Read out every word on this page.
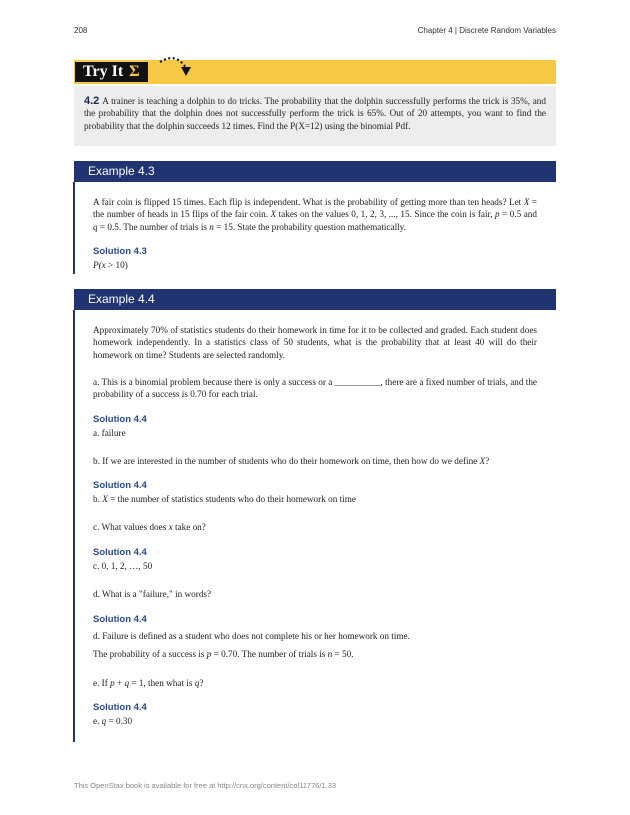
208	Chapter 4 | Discrete Random Variables
Try It Σ
4.2 A trainer is teaching a dolphin to do tricks. The probability that the dolphin successfully performs the trick is 35%, and the probability that the dolphin does not successfully perform the trick is 65%. Out of 20 attempts, you want to find the probability that the dolphin succeeds 12 times. Find the P(X=12) using the binomial Pdf.
Example 4.3
A fair coin is flipped 15 times. Each flip is independent. What is the probability of getting more than ten heads? Let X = the number of heads in 15 flips of the fair coin. X takes on the values 0, 1, 2, 3, ..., 15. Since the coin is fair, p = 0.5 and q = 0.5. The number of trials is n = 15. State the probability question mathematically.
Solution 4.3
P(x > 10)
Example 4.4
Approximately 70% of statistics students do their homework in time for it to be collected and graded. Each student does homework independently. In a statistics class of 50 students, what is the probability that at least 40 will do their homework on time? Students are selected randomly.
a. This is a binomial problem because there is only a success or a __________, there are a fixed number of trials, and the probability of a success is 0.70 for each trial.
Solution 4.4
a. failure
b. If we are interested in the number of students who do their homework on time, then how do we define X?
Solution 4.4
b. X = the number of statistics students who do their homework on time
c. What values does x take on?
Solution 4.4
c. 0, 1, 2, …, 50
d. What is a "failure," in words?
Solution 4.4
d. Failure is defined as a student who does not complete his or her homework on time.
The probability of a success is p = 0.70. The number of trials is n = 50.
e. If p + q = 1, then what is q?
Solution 4.4
e. q = 0.30
This OpenStax book is available for free at http://cnx.org/content/col11776/1.33
